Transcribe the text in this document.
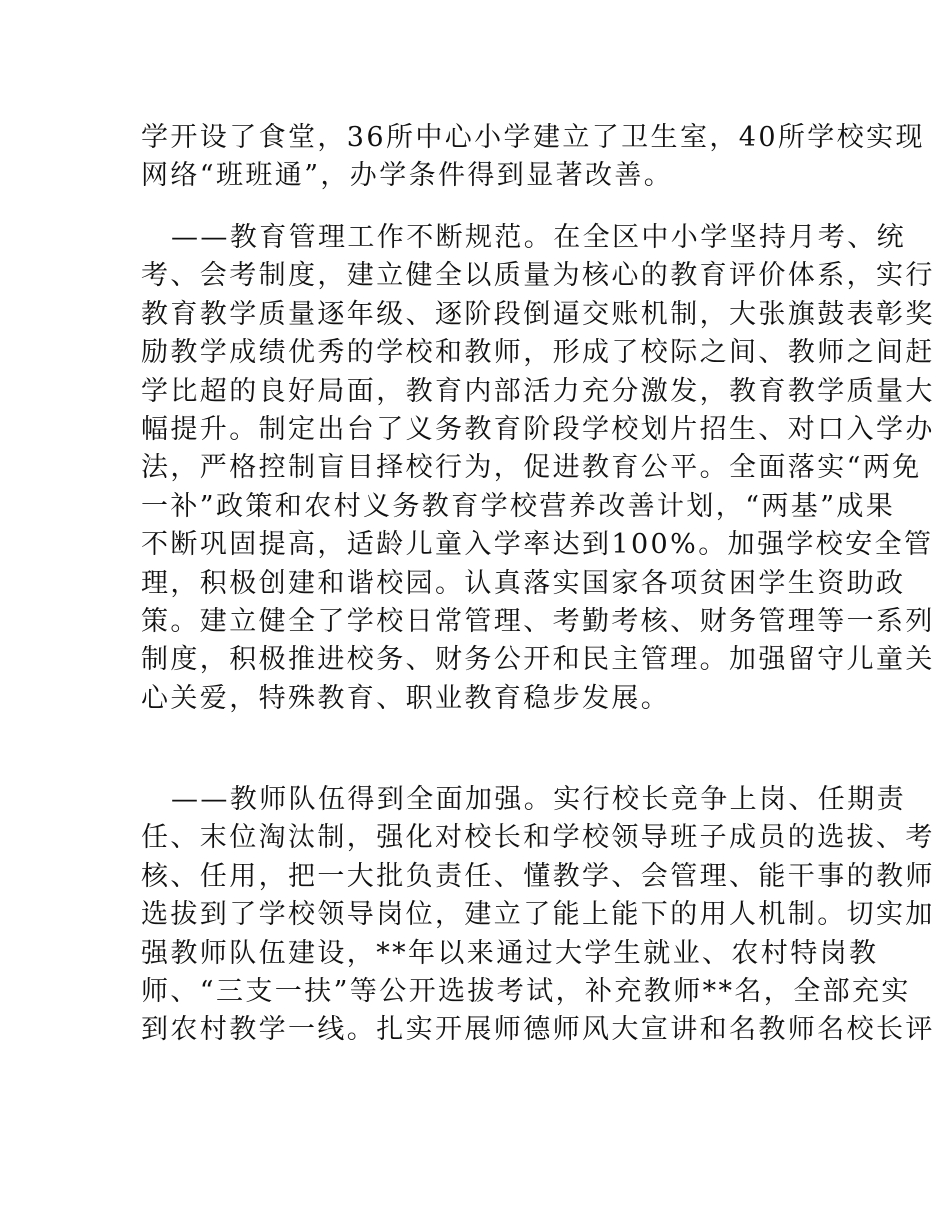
学开设了食堂，36所中心小学建立了卫生室，40所学校实现
网络“班班通”，办学条件得到显著改善。
——教育管理工作不断规范。在全区中小学坚持月考、统
考、会考制度，建立健全以质量为核心的教育评价体系，实行
教育教学质量逐年级、逐阶段倒逼交账机制，大张旗鼓表彰奖
励教学成绩优秀的学校和教师，形成了校际之间、教师之间赶
学比超的良好局面，教育内部活力充分激发，教育教学质量大
幅提升。制定出台了义务教育阶段学校划片招生、对口入学办
法，严格控制盲目择校行为，促进教育公平。全面落实“两免
一补”政策和农村义务教育学校营养改善计划，“两基”成果
不断巩固提高，适龄儿童入学率达到100%。加强学校安全管
理，积极创建和谐校园。认真落实国家各项贫困学生资助政
策。建立健全了学校日常管理、考勤考核、财务管理等一系列
制度，积极推进校务、财务公开和民主管理。加强留守儿童关
心关爱，特殊教育、职业教育稳步发展。
——教师队伍得到全面加强。实行校长竞争上岗、任期责
任、末位淘汰制，强化对校长和学校领导班子成员的选拔、考
核、任用，把一大批负责任、懂教学、会管理、能干事的教师
选拔到了学校领导岗位，建立了能上能下的用人机制。切实加
强教师队伍建设，**年以来通过大学生就业、农村特岗教
师、“三支一扶”等公开选拔考试，补充教师**名，全部充实
到农村教学一线。扎实开展师德师风大宣讲和名教师名校长评
